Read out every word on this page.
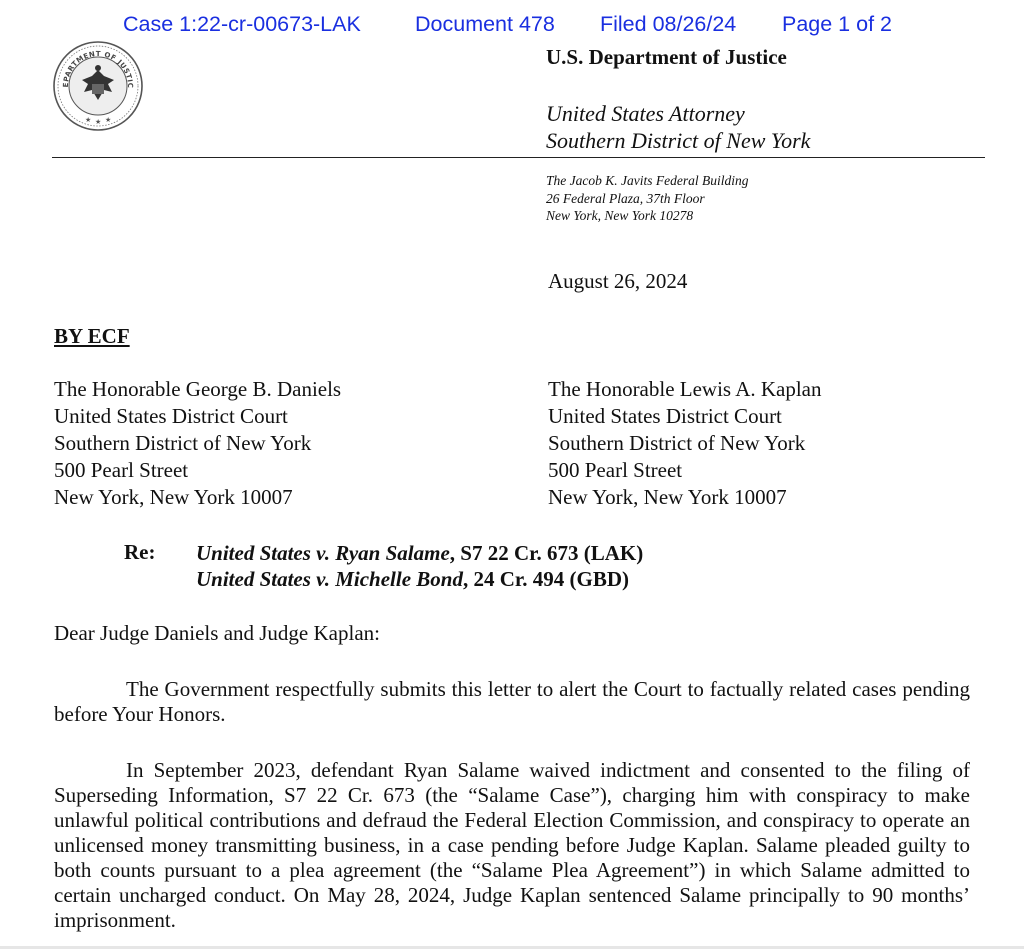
Case 1:22-cr-00673-LAK	Document 478 Filed 08/26/24 Page 1 of 2
EPARTMENT OF JUSTIC
★ ★ ★
U.S. Department of Justice
United States Attorney
Southern District of New York
The Jacob K. Javits Federal Building
26 Federal Plaza, 37th Floor
New York, New York 10278
August 26, 2024
BY ECF
The Honorable George B. Daniels
United States District Court
Southern District of New York
500 Pearl Street
New York, New York 10007
The Honorable Lewis A. Kaplan
United States District Court
Southern District of New York
500 Pearl Street
New York, New York 10007
Re: United States v. Ryan Salame, S7 22 Cr. 673 (LAK)
United States v. Michelle Bond, 24 Cr. 494 (GBD)
Dear Judge Daniels and Judge Kaplan:
The Government respectfully submits this letter to alert the Court to factually related cases pending before Your Honors.
In September 2023, defendant Ryan Salame waived indictment and consented to the filing of Superseding Information, S7 22 Cr. 673 (the “Salame Case”), charging him with conspiracy to make unlawful political contributions and defraud the Federal Election Commission, and conspiracy to operate an unlicensed money transmitting business, in a case pending before Judge Kaplan. Salame pleaded guilty to both counts pursuant to a plea agreement (the “Salame Plea Agreement”) in which Salame admitted to certain uncharged conduct. On May 28, 2024, Judge Kaplan sentenced Salame principally to 90 months’ imprisonment.
